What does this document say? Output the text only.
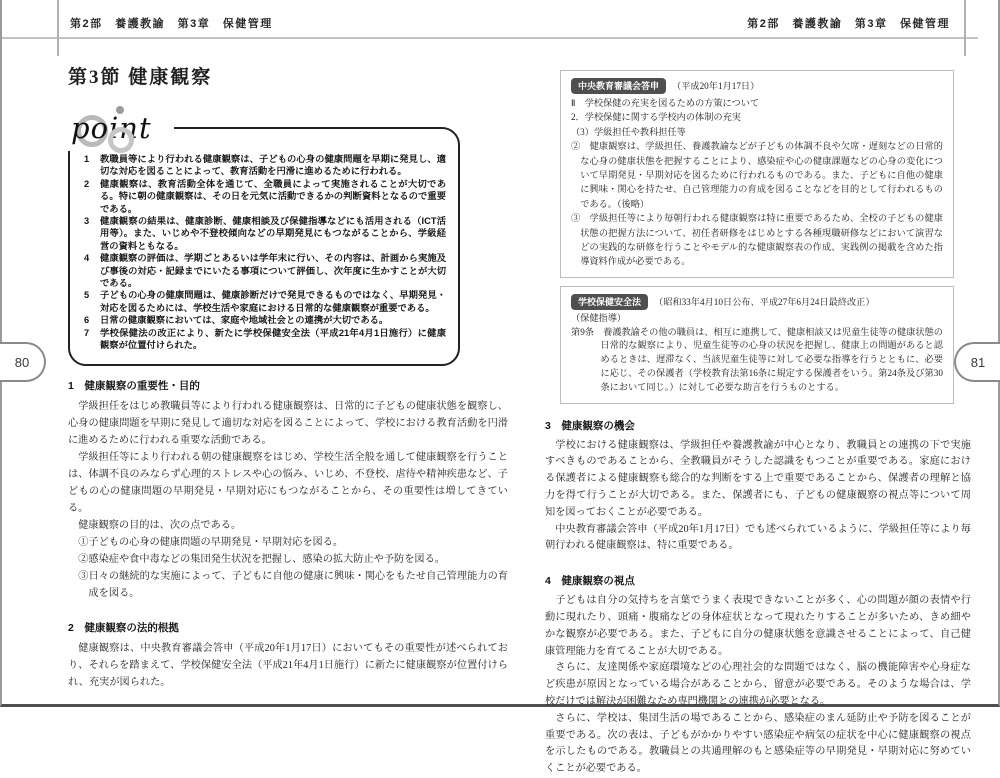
第2部　養護教諭　第3章　保健管理	第2部　養護教諭　第3章　保健管理
80	81
第3節 健康観察
point
1	教職員等により行われる健康観察は、子どもの心身の健康問題を早期に発見し、適切な対応を図ることによって、教育活動を円滑に進めるために行われる。
2	健康観察は、教育活動全体を通じて、全職員によって実施されることが大切である。特に朝の健康観察は、その日を元気に活動できるかの判断資料となるので重要である。
3	健康観察の結果は、健康診断、健康相談及び保健指導などにも活用される（ICT活用等）。また、いじめや不登校傾向などの早期発見にもつながることから、学級経営の資料ともなる。
4	健康観察の評価は、学期ごとあるいは学年末に行い、その内容は、計画から実施及び事後の対応・記録までにいたる事項について評価し、次年度に生かすことが大切である。
5	子どもの心身の健康問題は、健康診断だけで発見できるものではなく、早期発見・対応を図るためには、学校生活や家庭における日常的な健康観察が重要である。
6	日常の健康観察においては、家庭や地域社会との連携が大切である。
7	学校保健法の改正により、新たに学校保健安全法（平成21年4月1日施行）に健康観察が位置付けられた。
1　健康観察の重要性・目的

学級担任をはじめ教職員等により行われる健康観察は、日常的に子どもの健康状態を観察し、心身の健康問題を早期に発見して適切な対応を図ることによって、学校における教育活動を円滑に進めるために行われる重要な活動である。

学級担任等により行われる朝の健康観察をはじめ、学校生活全般を通して健康観察を行うことは、体調不良のみならず心理的ストレスや心の悩み、いじめ、不登校、虐待や精神疾患など、子どもの心の健康問題の早期発見・早期対応にもつながることから、その重要性は増してきている。

健康観察の目的は、次の点である。

①子どもの心身の健康問題の早期発見・早期対応を図る。
②感染症や食中毒などの集団発生状況を把握し、感染の拡大防止や予防を図る。
③日々の継続的な実施によって、子どもに自他の健康に興味・関心をもたせ自己管理能力の育成を図る。
2　健康観察の法的根拠

健康観察は、中央教育審議会答申（平成20年1月17日）においてもその重要性が述べられており、それらを踏まえて、学校保健安全法（平成21年4月1日施行）に新たに健康観察が位置付けられ、充実が図られた。

中央教育審議会答申 （平成20年1月17日）
Ⅱ　学校保健の充実を図るための方策について
2．学校保健に関する学校内の体制の充実
（3）学級担任や教科担任等
②　健康観察は、学級担任、養護教諭などが子どもの体調不良や欠席・遅刻などの日常的な心身の健康状態を把握することにより、感染症や心の健康課題などの心身の変化について早期発見・早期対応を図るために行われるものである。また、子どもに自他の健康に興味・関心を持たせ、自己管理能力の育成を図ることなどを目的として行われるものである。（後略）
③　学級担任等により毎朝行われる健康観察は特に重要であるため、全校の子どもの健康状態の把握方法について、初任者研修をはじめとする各種現職研修などにおいて演習などの実践的な研修を行うことやモデル的な健康観察表の作成、実践例の掲載を含めた指導資料作成が必要である。
学校保健安全法 （昭和33年4月10日公布、平成27年6月24日最終改正）
（保健指導）
第9条　養護教諭その他の職員は、相互に連携して、健康相談又は児童生徒等の健康状態の日常的な観察により、児童生徒等の心身の状況を把握し、健康上の問題があると認めるときは、遅滞なく、当該児童生徒等に対して必要な指導を行うとともに、必要に応じ、その保護者（学校教育法第16条に規定する保護者をいう。第24条及び第30条において同じ。）に対して必要な助言を行うものとする。
3　健康観察の機会

学校における健康観察は、学級担任や養護教諭が中心となり、教職員との連携の下で実施すべきものであることから、全教職員がそうした認識をもつことが重要である。家庭における保護者による健康観察も総合的な判断をする上で重要であることから、保護者の理解と協力を得て行うことが大切である。また、保護者にも、子どもの健康観察の視点等について周知を図っておくことが必要である。

中央教育審議会答申（平成20年1月17日）でも述べられているように、学級担任等により毎朝行われる健康観察は、特に重要である。

4　健康観察の視点

子どもは自分の気持ちを言葉でうまく表現できないことが多く、心の問題が顔の表情や行動に現れたり、頭痛・腹痛などの身体症状となって現れたりすることが多いため、きめ細やかな観察が必要である。また、子どもに自分の健康状態を意識させることによって、自己健康管理能力を育てることが大切である。

さらに、友達関係や家庭環境などの心理社会的な問題ではなく、脳の機能障害や心身症など疾患が原因となっている場合があることから、留意が必要である。そのような場合は、学校だけでは解決が困難なため専門機関との連携が必要となる。

さらに、学校は、集団生活の場であることから、感染症のまん延防止や予防を図ることが重要である。次の表は、子どもがかかりやすい感染症や病気の症状を中心に健康観察の視点を示したものである。教職員との共通理解のもと感染症等の早期発見・早期対応に努めていくことが必要である。
